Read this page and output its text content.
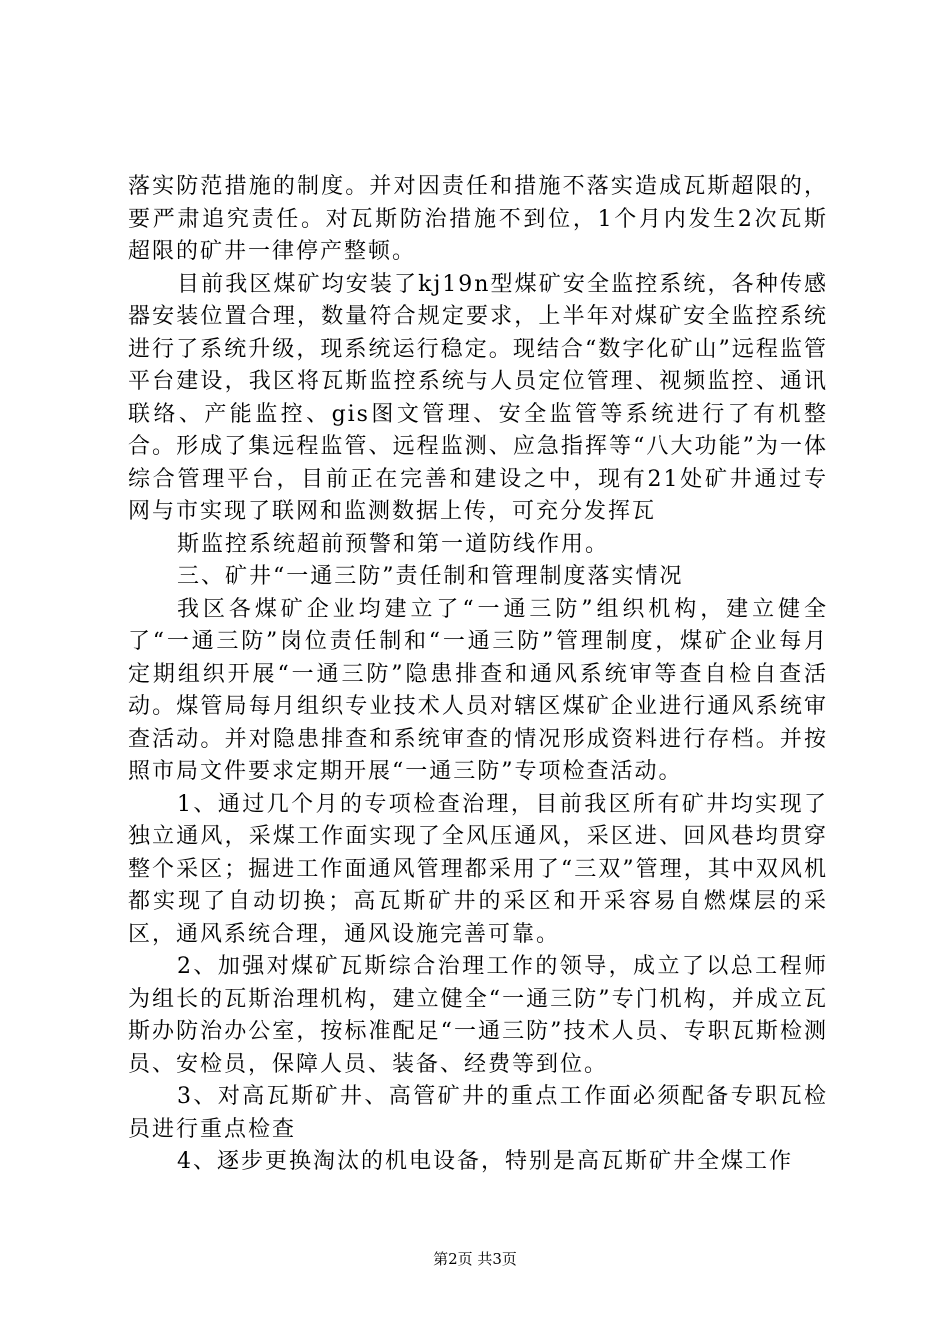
落实防范措施的制度。并对因责任和措施不落实造成瓦斯超限的，要严肃追究责任。对瓦斯防治措施不到位，1个月内发生2次瓦斯超限的矿井一律停产整顿。

目前我区煤矿均安装了kj19n型煤矿安全监控系统，各种传感器安装位置合理，数量符合规定要求，上半年对煤矿安全监控系统进行了系统升级，现系统运行稳定。现结合“数字化矿山”远程监管平台建设，我区将瓦斯监控系统与人员定位管理、视频监控、通讯联络、产能监控、gis图文管理、安全监管等系统进行了有机整合。形成了集远程监管、远程监测、应急指挥等“八大功能”为一体综合管理平台，目前正在完善和建设之中，现有21处矿井通过专网与市实现了联网和监测数据上传，可充分发挥瓦

斯监控系统超前预警和第一道防线作用。

三、矿井“一通三防”责任制和管理制度落实情况

我区各煤矿企业均建立了“一通三防”组织机构，建立健全了“一通三防”岗位责任制和“一通三防”管理制度，煤矿企业每月定期组织开展“一通三防”隐患排查和通风系统审等查自检自查活动。煤管局每月组织专业技术人员对辖区煤矿企业进行通风系统审查活动。并对隐患排查和系统审查的情况形成资料进行存档。并按照市局文件要求定期开展“一通三防”专项检查活动。

1、通过几个月的专项检查治理，目前我区所有矿井均实现了独立通风，采煤工作面实现了全风压通风，采区进、回风巷均贯穿整个采区；掘进工作面通风管理都采用了“三双”管理，其中双风机都实现了自动切换；高瓦斯矿井的采区和开采容易自燃煤层的采区，通风系统合理，通风设施完善可靠。

2、加强对煤矿瓦斯综合治理工作的领导，成立了以总工程师为组长的瓦斯治理机构，建立健全“一通三防”专门机构，并成立瓦斯办防治办公室，按标准配足“一通三防”技术人员、专职瓦斯检测员、安检员，保障人员、装备、经费等到位。

3、对高瓦斯矿井、高管矿井的重点工作面必须配备专职瓦检员进行重点检查

4、逐步更换淘汰的机电设备，特别是高瓦斯矿井全煤工作

第2页 共3页
